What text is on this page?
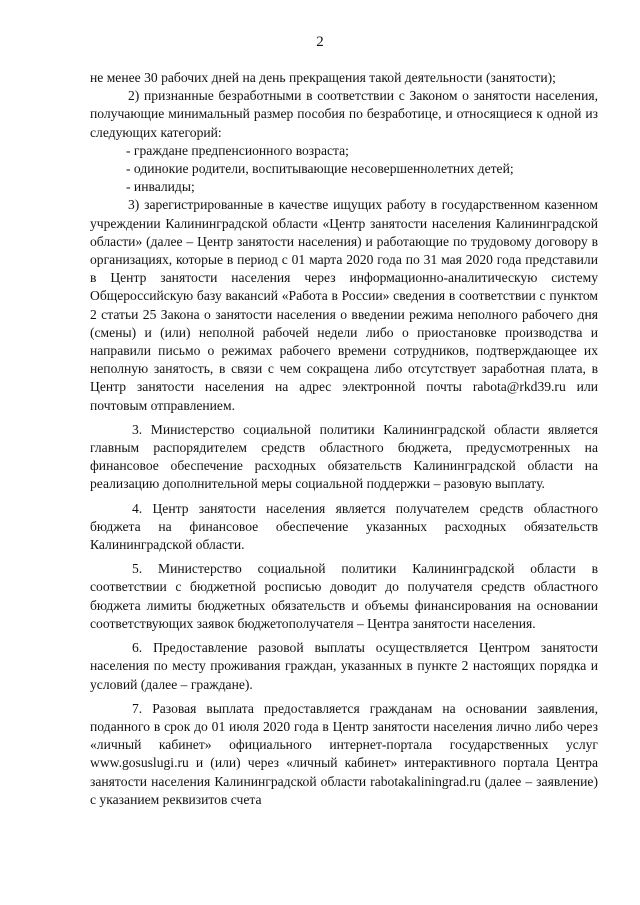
2

не менее 30 рабочих дней на день прекращения такой деятельности (занятости);

2) признанные безработными в соответствии с Законом о занятости населения, получающие минимальный размер пособия по безработице, и относящиеся к одной из следующих категорий:

- граждане предпенсионного возраста;

- одинокие родители, воспитывающие несовершеннолетних детей;

- инвалиды;

3) зарегистрированные в качестве ищущих работу в государственном казенном учреждении Калининградской области «Центр занятости населения Калининградской области» (далее – Центр занятости населения) и работающие по трудовому договору в организациях, которые в период с 01 марта 2020 года по 31 мая 2020 года представили в Центр занятости населения через информационно-аналитическую систему Общероссийскую базу вакансий «Работа в России» сведения в соответствии с пунктом 2 статьи 25 Закона о занятости населения о введении режима неполного рабочего дня (смены) и (или) неполной рабочей недели либо о приостановке производства и направили письмо о режимах рабочего времени сотрудников, подтверждающее их неполную занятость, в связи с чем сокращена либо отсутствует заработная плата, в Центр занятости населения на адрес электронной почты rabota@rkd39.ru или почтовым отправлением.

3. Министерство социальной политики Калининградской области является главным распорядителем средств областного бюджета, предусмотренных на финансовое обеспечение расходных обязательств Калининградской области на реализацию дополнительной меры социальной поддержки – разовую выплату.

4. Центр занятости населения является получателем средств областного бюджета на финансовое обеспечение указанных расходных обязательств Калининградской области.

5. Министерство социальной политики Калининградской области в соответствии с бюджетной росписью доводит до получателя средств областного бюджета лимиты бюджетных обязательств и объемы финансирования на основании соответствующих заявок бюджетополучателя – Центра занятости населения.

6. Предоставление разовой выплаты осуществляется Центром занятости населения по месту проживания граждан, указанных в пункте 2 настоящих порядка и условий (далее – граждане).

7. Разовая выплата предоставляется гражданам на основании заявления, поданного в срок до 01 июля 2020 года в Центр занятости населения лично либо через «личный кабинет» официального интернет-портала государственных услуг www.gosuslugi.ru и (или) через «личный кабинет» интерактивного портала Центра занятости населения Калининградской области rabotakaliningrad.ru (далее – заявление) с указанием реквизитов счета
